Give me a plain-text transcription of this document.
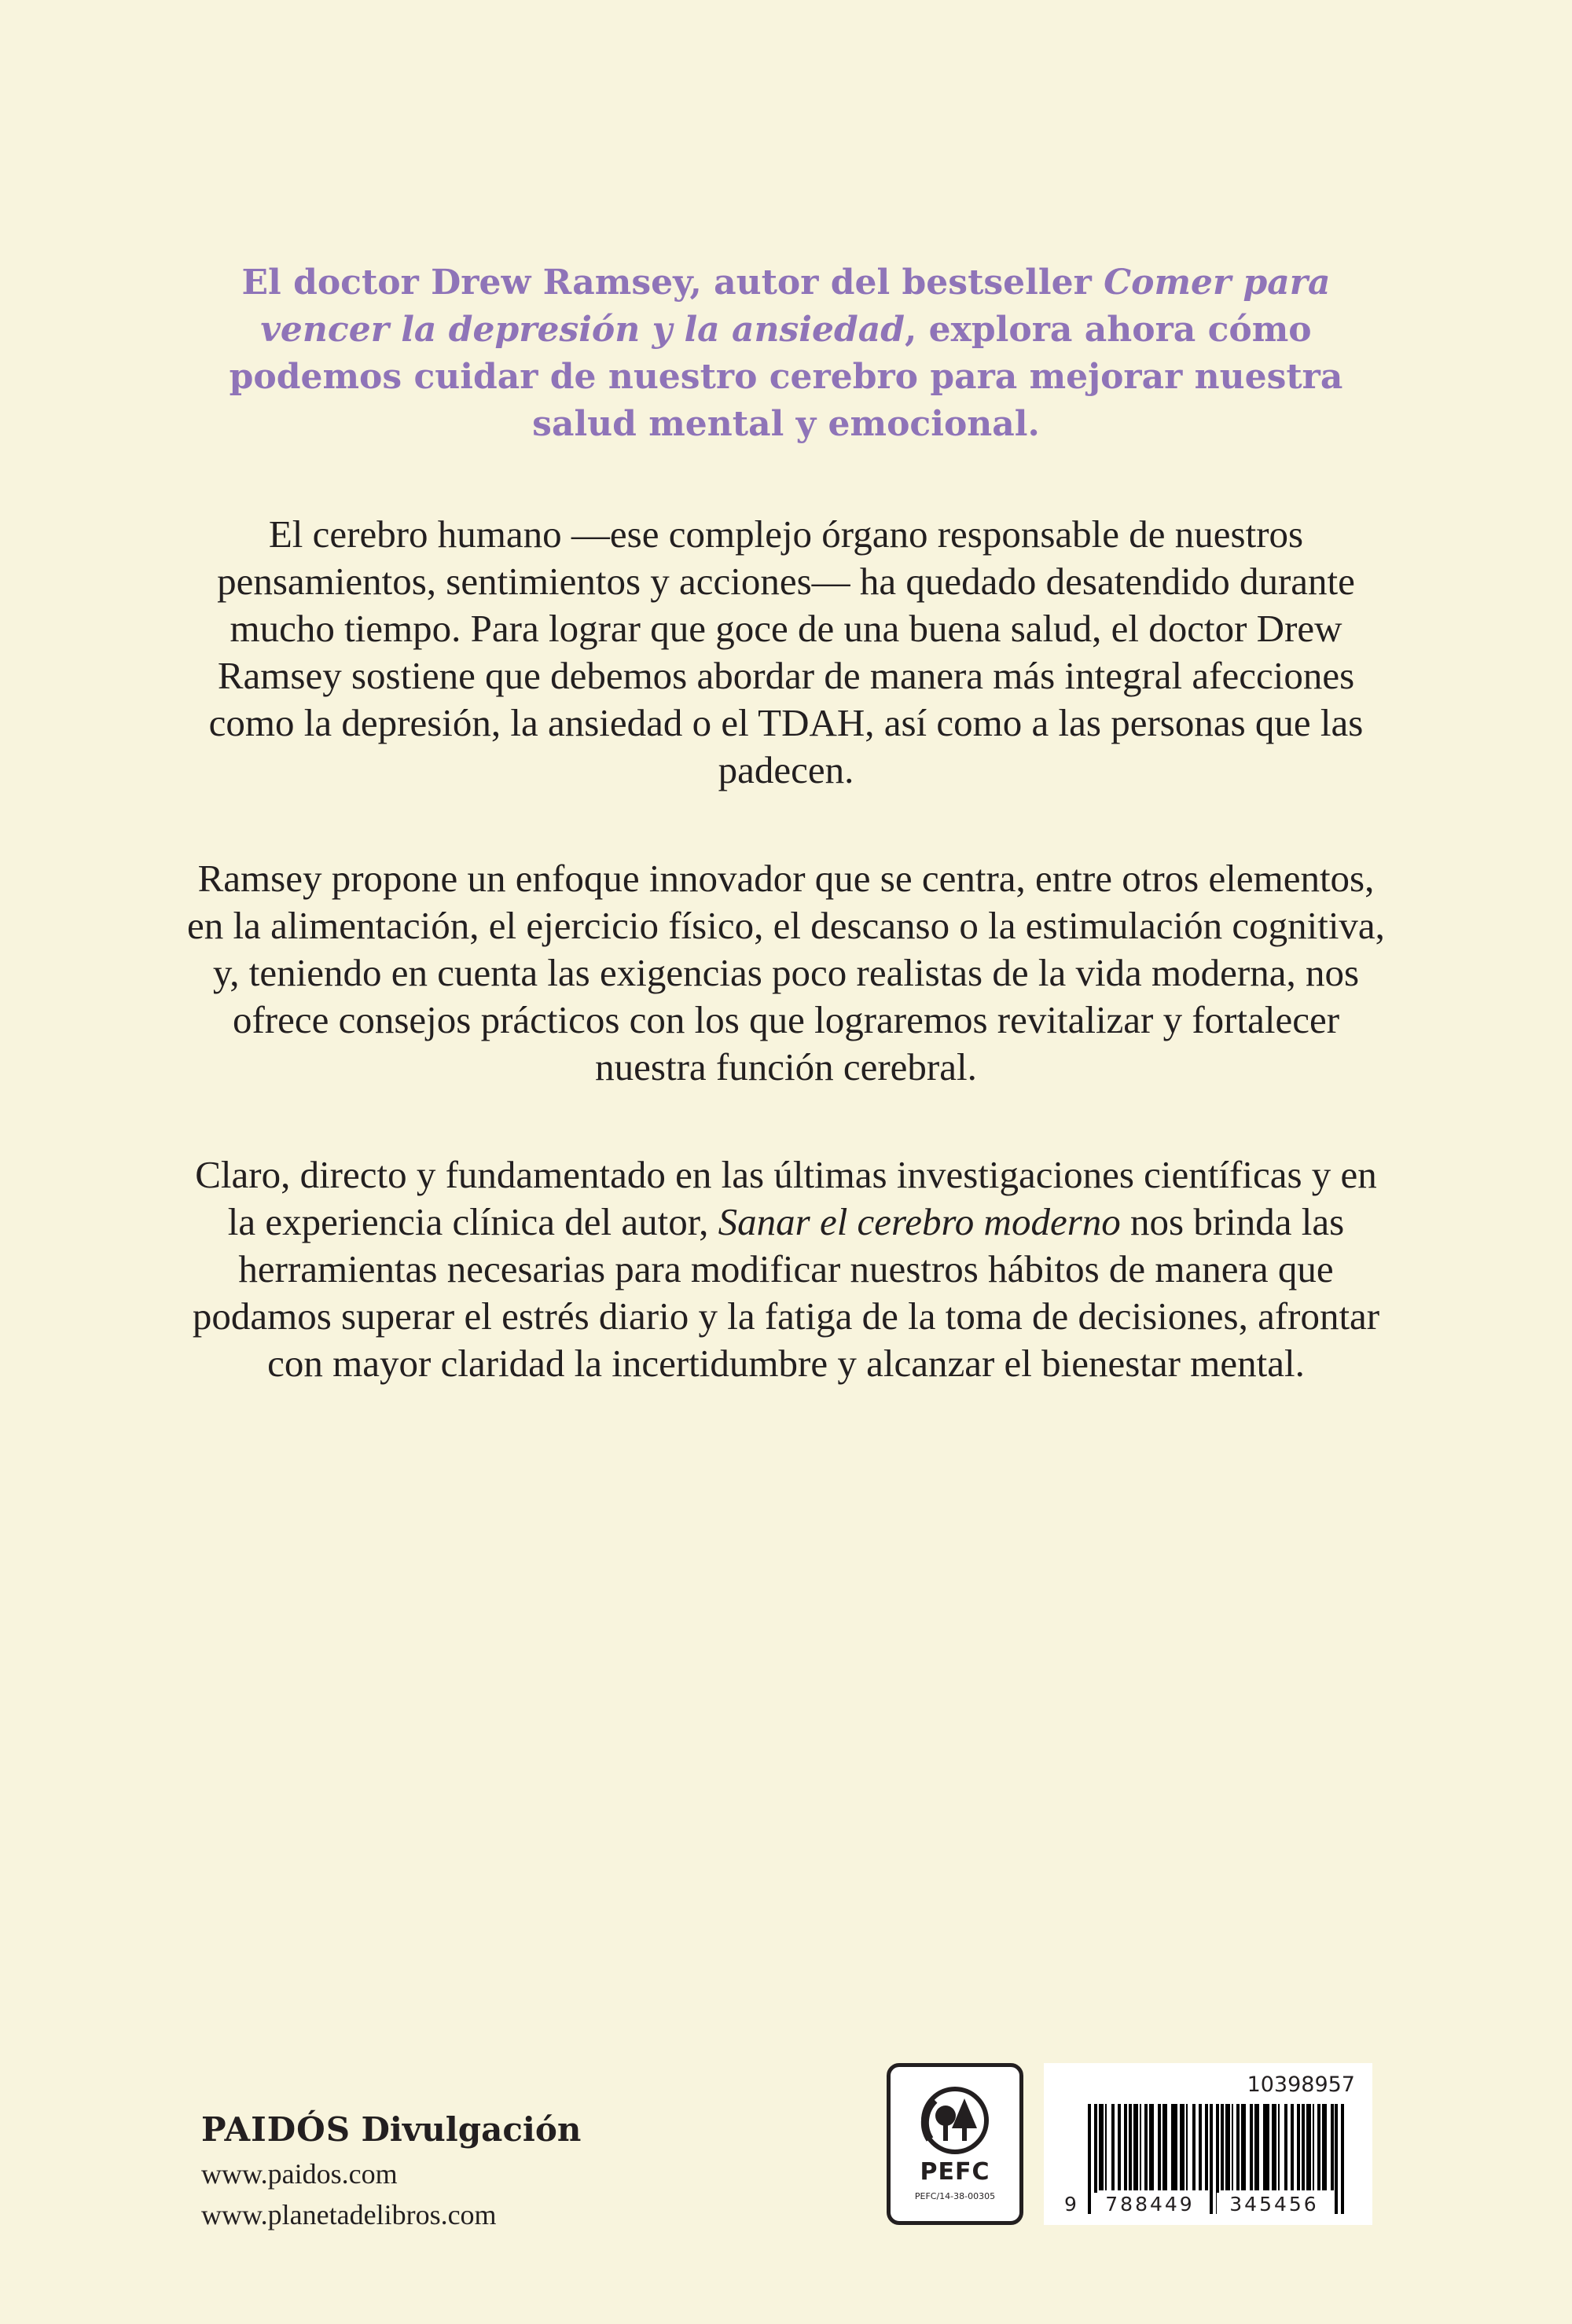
El doctor Drew Ramsey, autor del bestseller Comer para vencer la depresión y la ansiedad, explora ahora cómo podemos cuidar de nuestro cerebro para mejorar nuestra salud mental y emocional.

El cerebro humano —ese complejo órgano responsable de nuestros pensamientos, sentimientos y acciones— ha quedado desatendido durante mucho tiempo. Para lograr que goce de una buena salud, el doctor Drew Ramsey sostiene que debemos abordar de manera más integral afecciones como la depresión, la ansiedad o el TDAH, así como a las personas que las padecen.

Ramsey propone un enfoque innovador que se centra, entre otros elementos, en la alimentación, el ejercicio físico, el descanso o la estimulación cognitiva, y, teniendo en cuenta las exigencias poco realistas de la vida moderna, nos ofrece consejos prácticos con los que lograremos revitalizar y fortalecer nuestra función cerebral.

Claro, directo y fundamentado en las últimas investigaciones científicas y en la experiencia clínica del autor, Sanar el cerebro moderno nos brinda las herramientas necesarias para modificar nuestros hábitos de manera que podamos superar el estrés diario y la fatiga de la toma de decisiones, afrontar con mayor claridad la incertidumbre y alcanzar el bienestar mental.

PAIDÓS Divulgación
www.paidos.com
www.planetadelibros.com
PEFC
PEFC/14-38-00305
10398957
9	788449	345456
